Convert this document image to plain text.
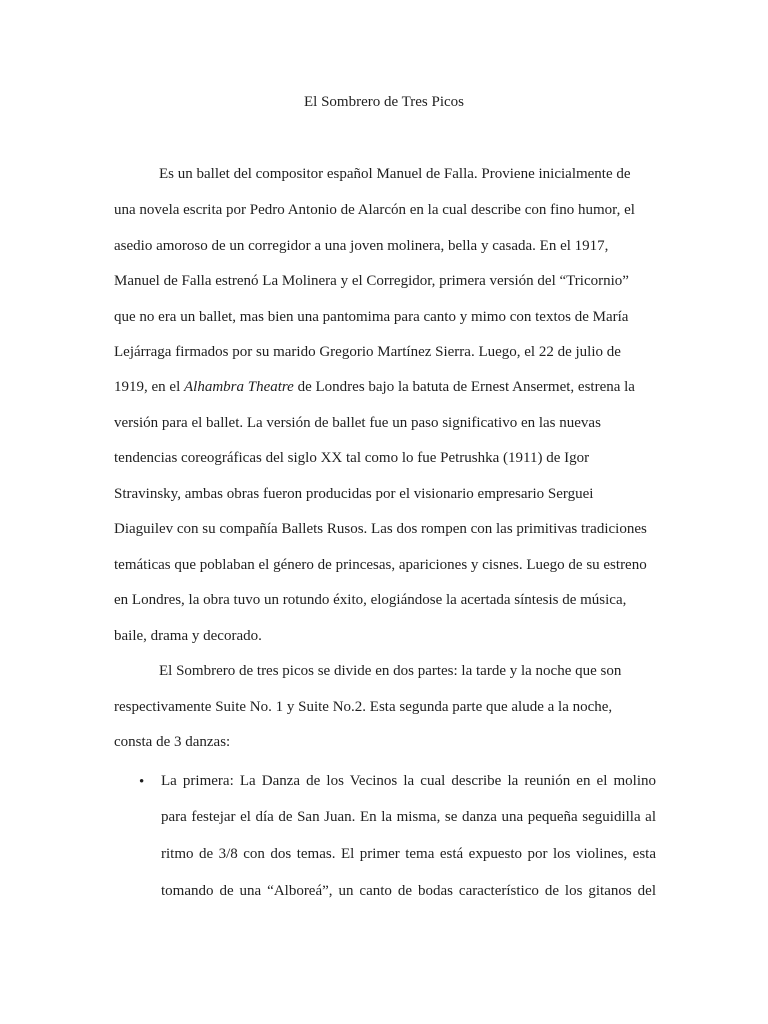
El Sombrero de Tres Picos

Es un ballet del compositor español Manuel de Falla. Proviene inicialmente de

una novela escrita por Pedro Antonio de Alarcón en la cual describe con fino humor, el

asedio amoroso de un corregidor a una joven molinera, bella y casada. En el 1917,

Manuel de Falla estrenó La Molinera y el Corregidor, primera versión del “Tricornio”

que no era un ballet, mas bien una pantomima para canto y mimo con textos de María

Lejárraga firmados por su marido Gregorio Martínez Sierra. Luego, el 22 de julio de

1919, en el Alhambra Theatre de Londres bajo la batuta de Ernest Ansermet, estrena la

versión para el ballet. La versión de ballet fue un paso significativo en las nuevas

tendencias coreográficas del siglo XX tal como lo fue Petrushka (1911) de Igor

Stravinsky, ambas obras fueron producidas por el visionario empresario Serguei

Diaguilev con su compañía Ballets Rusos. Las dos rompen con las primitivas tradiciones

temáticas que poblaban el género de princesas, apariciones y cisnes. Luego de su estreno

en Londres, la obra tuvo un rotundo éxito, elogiándose la acertada síntesis de música,

baile, drama y decorado.

El Sombrero de tres picos se divide en dos partes: la tarde y la noche que son

respectivamente Suite No. 1 y Suite No.2. Esta segunda parte que alude a la noche,

consta de 3 danzas:

• La primera: La Danza de los Vecinos la cual describe la reunión en el molino

para festejar el día de San Juan. En la misma, se danza una pequeña seguidilla al

ritmo de 3/8 con dos temas. El primer tema está expuesto por los violines, esta

tomando de una “Alboreá”, un canto de bodas característico de los gitanos del
